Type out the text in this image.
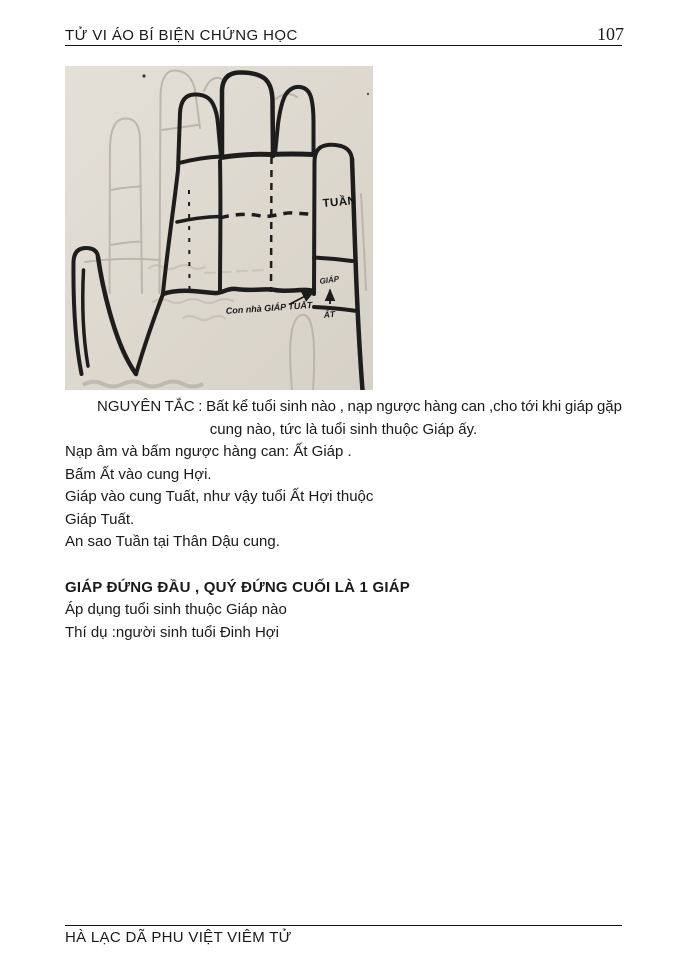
TỬ VI ÁO BÍ BIỆN CHỨNG HỌC	107
TUẦN
GIÁP
ẤT
Con nhà GIÁP TUẤT

NGUYÊN TẮC : Bất kể tuổi sinh nào , nạp ngược hàng can ,cho tới khi giáp gặp
cung nào, tức là tuổi sinh thuộc Giáp ấy.

Nạp âm và bấm ngược hàng can: Ất Giáp .

Bấm Ất vào cung Hợi.

Giáp vào cung Tuất, như vậy tuổi Ất Hợi thuộc

Giáp Tuất.

An sao Tuần tại Thân Dậu cung.

GIÁP ĐỨNG ĐẦU , QUÝ ĐỨNG CUỐI LÀ 1 GIÁP

Áp dụng tuổi sinh thuộc Giáp nào

Thí dụ :người sinh tuổi Đinh Hợi

HÀ LẠC DÃ PHU VIỆT VIÊM TỬ
